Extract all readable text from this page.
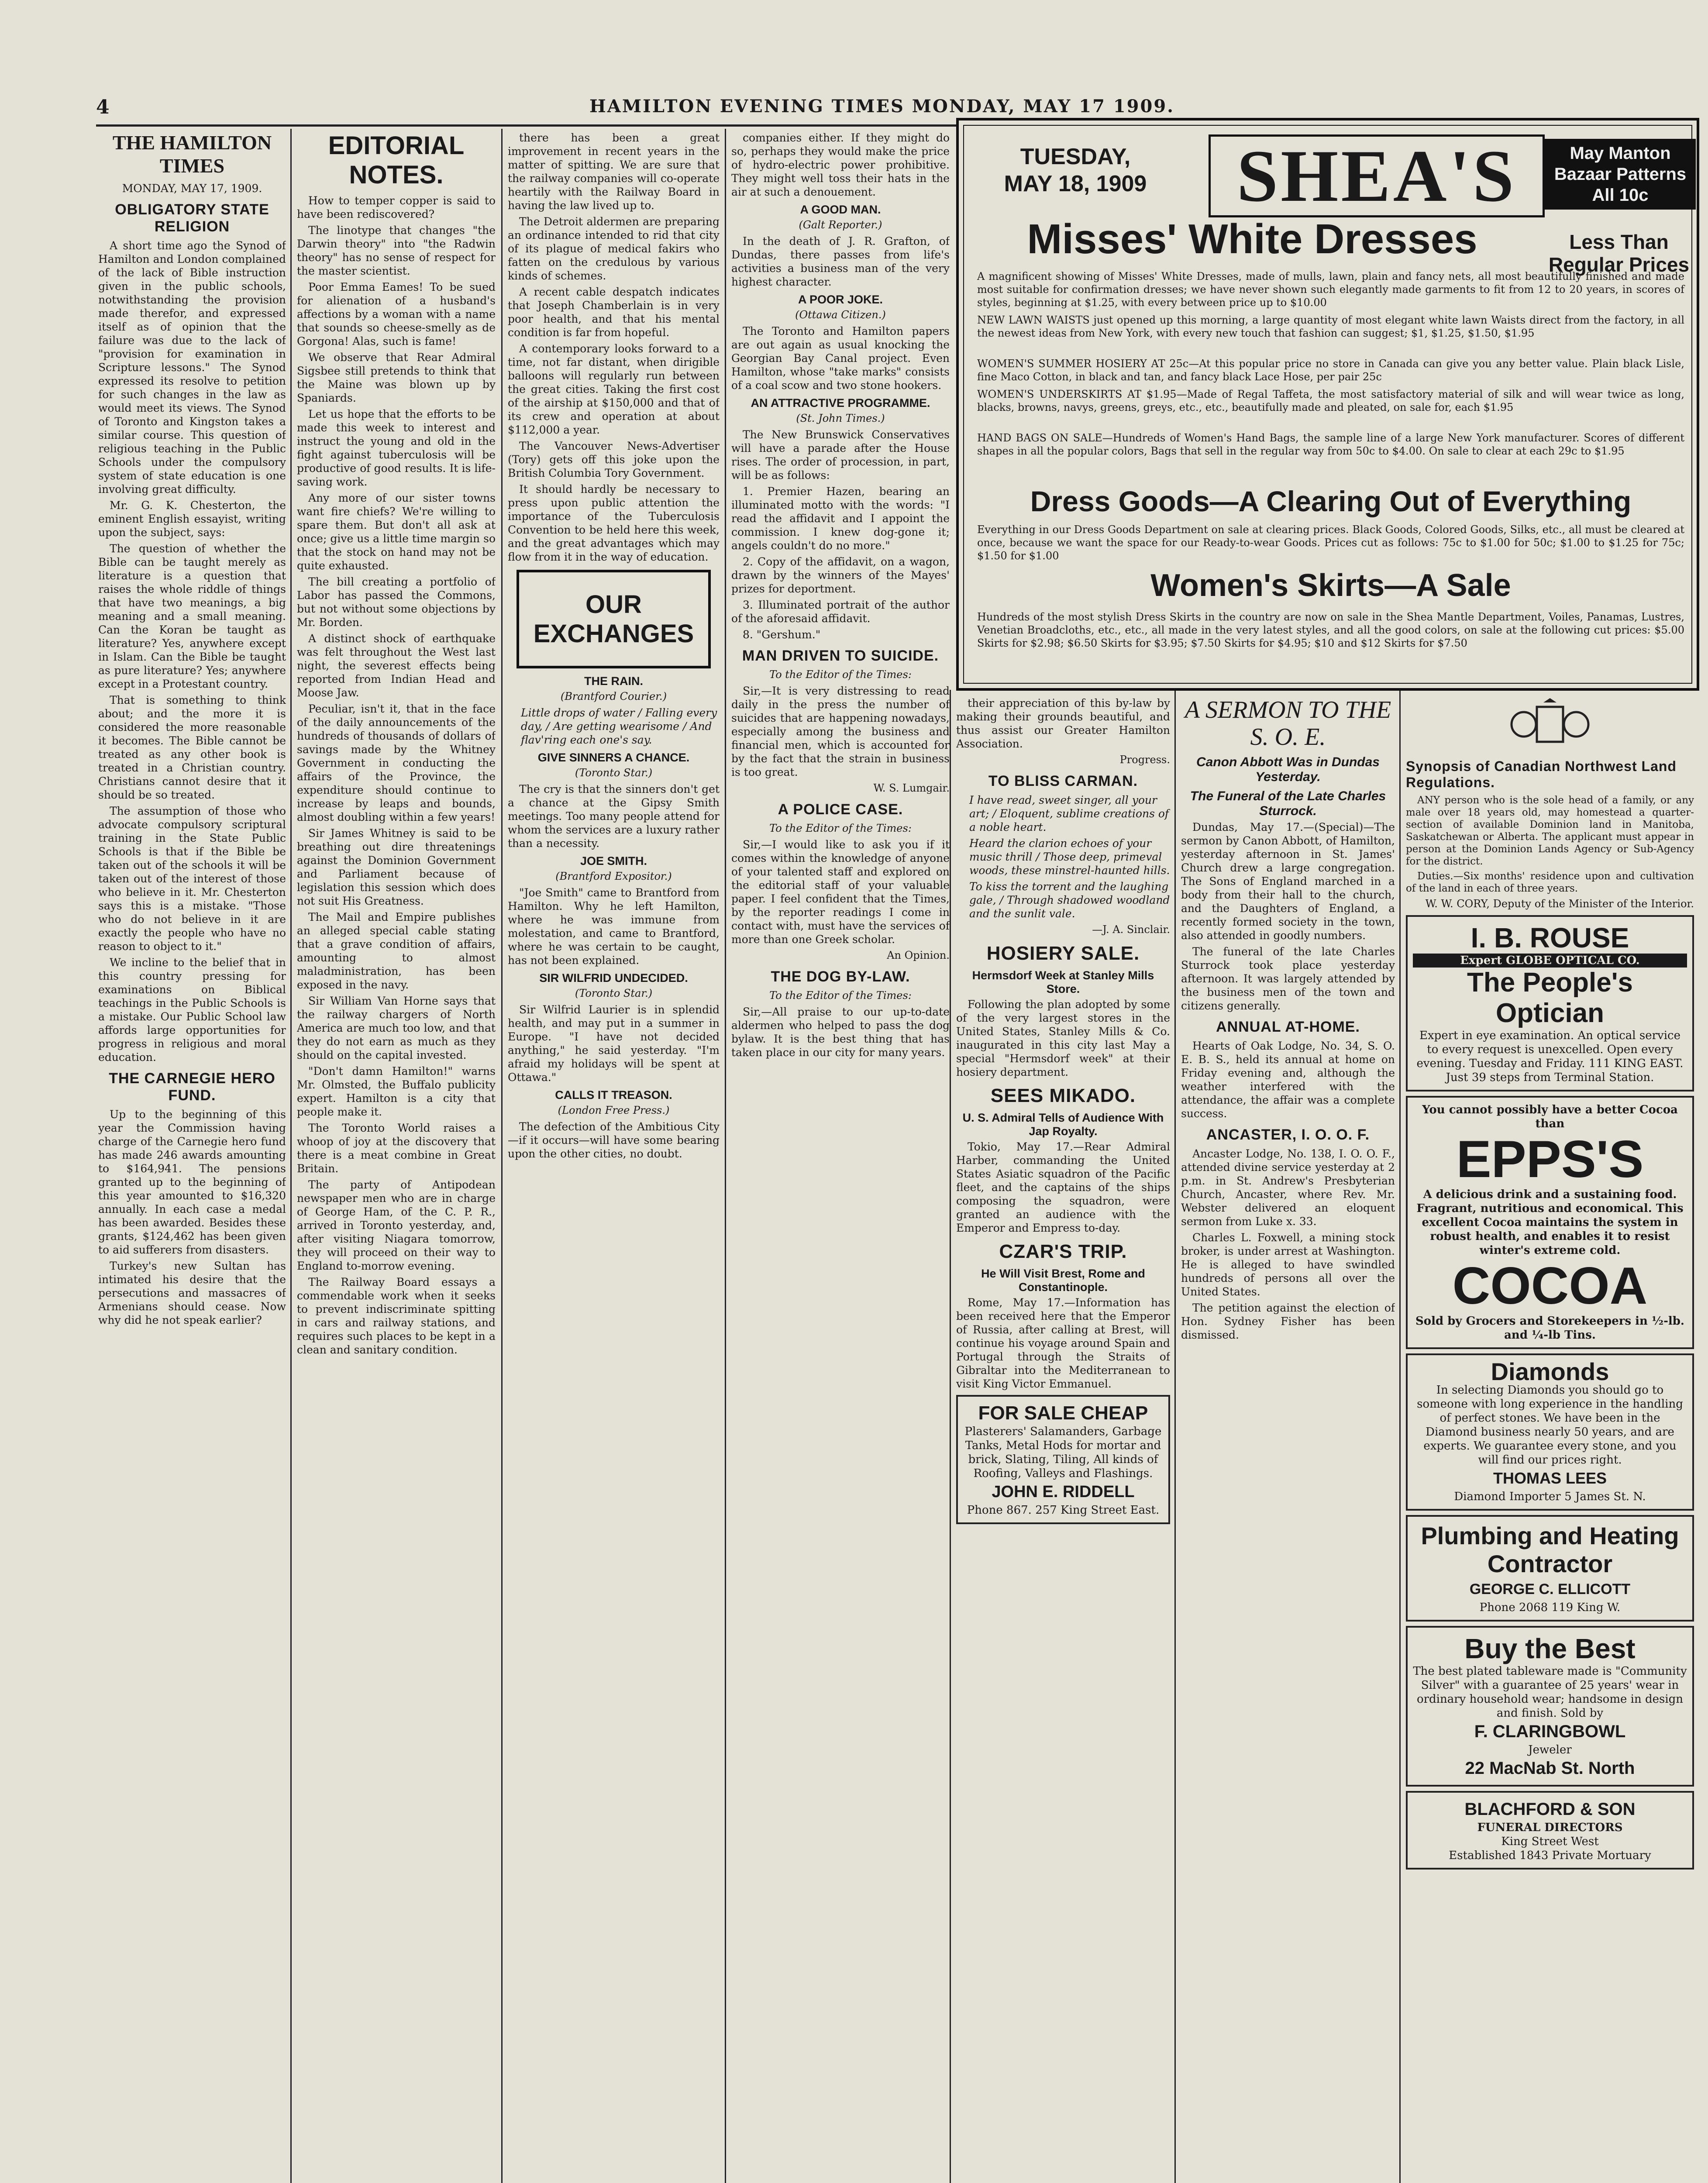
4	HAMILTON EVENING TIMES MONDAY, MAY 17 1909.
THE HAMILTON TIMES

MONDAY, MAY 17, 1909.

OBLIGATORY STATE RELIGION

A short time ago the Synod of Hamilton and London complained of the lack of Bible instruction given in the public schools, notwithstanding the provision made therefor, and expressed itself as of opinion that the failure was due to the lack of "provision for examination in Scripture lessons." The Synod expressed its resolve to petition for such changes in the law as would meet its views. The Synod of Toronto and Kingston takes a similar course. This question of religious teaching in the Public Schools under the compulsory system of state education is one involving great difficulty.

Mr. G. K. Chesterton, the eminent English essayist, writing upon the subject, says:

The question of whether the Bible can be taught merely as literature is a question that raises the whole riddle of things that have two meanings, a big meaning and a small meaning. Can the Koran be taught as literature? Yes, anywhere except in Islam. Can the Bible be taught as pure literature? Yes; anywhere except in a Protestant country.

That is something to think about; and the more it is considered the more reasonable it becomes. The Bible cannot be treated as any other book is treated in a Christian country. Christians cannot desire that it should be so treated.

The assumption of those who advocate compulsory scriptural training in the State Public Schools is that if the Bible be taken out of the schools it will be taken out of the interest of those who believe in it. Mr. Chesterton says this is a mistake. "Those who do not believe in it are exactly the people who have no reason to object to it."

We incline to the belief that in this country pressing for examinations on Biblical teachings in the Public Schools is a mistake. Our Public School law affords large opportunities for progress in religious and moral education.

THE CARNEGIE HERO FUND.

Up to the beginning of this year the Commission having charge of the Carnegie hero fund has made 246 awards amounting to $164,941. The pensions granted up to the beginning of this year amounted to $16,320 annually. In each case a medal has been awarded. Besides these grants, $124,462 has been given to aid sufferers from disasters.

Turkey's new Sultan has intimated his desire that the persecutions and massacres of Armenians should cease. Now why did he not speak earlier?

EDITORIAL NOTES.

How to temper copper is said to have been rediscovered?

The linotype that changes "the Darwin theory" into "the Radwin theory" has no sense of respect for the master scientist.

Poor Emma Eames! To be sued for alienation of a husband's affections by a woman with a name that sounds so cheese-smelly as de Gorgona! Alas, such is fame!

We observe that Rear Admiral Sigsbee still pretends to think that the Maine was blown up by Spaniards.

Let us hope that the efforts to be made this week to interest and instruct the young and old in the fight against tuberculosis will be productive of good results. It is life-saving work.

Any more of our sister towns want fire chiefs? We're willing to spare them. But don't all ask at once; give us a little time margin so that the stock on hand may not be quite exhausted.

The bill creating a portfolio of Labor has passed the Commons, but not without some objections by Mr. Borden.

A distinct shock of earthquake was felt throughout the West last night, the severest effects being reported from Indian Head and Moose Jaw.

Peculiar, isn't it, that in the face of the daily announcements of the hundreds of thousands of dollars of savings made by the Whitney Government in conducting the affairs of the Province, the expenditure should continue to increase by leaps and bounds, almost doubling within a few years!

Sir James Whitney is said to be breathing out dire threatenings against the Dominion Government and Parliament because of legislation this session which does not suit His Greatness.

The Mail and Empire publishes an alleged special cable stating that a grave condition of affairs, amounting to almost maladministration, has been exposed in the navy.

Sir William Van Horne says that the railway chargers of North America are much too low, and that they do not earn as much as they should on the capital invested.

"Don't damn Hamilton!" warns Mr. Olmsted, the Buffalo publicity expert. Hamilton is a city that people make it.

The Toronto World raises a whoop of joy at the discovery that there is a meat combine in Great Britain.

The party of Antipodean newspaper men who are in charge of George Ham, of the C. P. R., arrived in Toronto yesterday, and, after visiting Niagara tomorrow, they will proceed on their way to England to-morrow evening.

The Railway Board essays a commendable work when it seeks to prevent indiscriminate spitting in cars and railway stations, and requires such places to be kept in a clean and sanitary condition.

there has been a great improvement in recent years in the matter of spitting. We are sure that the railway companies will co-operate heartily with the Railway Board in having the law lived up to.

The Detroit aldermen are preparing an ordinance intended to rid that city of its plague of medical fakirs who fatten on the credulous by various kinds of schemes.

A recent cable despatch indicates that Joseph Chamberlain is in very poor health, and that his mental condition is far from hopeful.

A contemporary looks forward to a time, not far distant, when dirigible balloons will regularly run between the great cities. Taking the first cost of the airship at $150,000 and that of its crew and operation at about $112,000 a year.

The Vancouver News-Advertiser (Tory) gets off this joke upon the British Columbia Tory Government.

It should hardly be necessary to press upon public attention the importance of the Tuberculosis Convention to be held here this week, and the great advantages which may flow from it in the way of education.

OUR EXCHANGES
THE RAIN.

(Brantford Courier.)

Little drops of water / Falling every day, / Are getting wearisome / And flav'ring each one's say.

GIVE SINNERS A CHANCE.

(Toronto Star.)

The cry is that the sinners don't get a chance at the Gipsy Smith meetings. Too many people attend for whom the services are a luxury rather than a necessity.

JOE SMITH.

(Brantford Expositor.)

"Joe Smith" came to Brantford from Hamilton. Why he left Hamilton, where he was immune from molestation, and came to Brantford, where he was certain to be caught, has not been explained.

SIR WILFRID UNDECIDED.

(Toronto Star.)

Sir Wilfrid Laurier is in splendid health, and may put in a summer in Europe. "I have not decided anything," he said yesterday. "I'm afraid my holidays will be spent at Ottawa."

CALLS IT TREASON.

(London Free Press.)

The defection of the Ambitious City—if it occurs—will have some bearing upon the other cities, no doubt.

companies either. If they might do so, perhaps they would make the price of hydro-electric power prohibitive. They might well toss their hats in the air at such a denouement.

A GOOD MAN.

(Galt Reporter.)

In the death of J. R. Grafton, of Dundas, there passes from life's activities a business man of the very highest character.

A POOR JOKE.

(Ottawa Citizen.)

The Toronto and Hamilton papers are out again as usual knocking the Georgian Bay Canal project. Even Hamilton, whose "take marks" consists of a coal scow and two stone hookers.

AN ATTRACTIVE PROGRAMME.

(St. John Times.)

The New Brunswick Conservatives will have a parade after the House rises. The order of procession, in part, will be as follows:

1. Premier Hazen, bearing an illuminated motto with the words: "I read the affidavit and I appoint the commission. I knew dog-gone it; angels couldn't do no more."

2. Copy of the affidavit, on a wagon, drawn by the winners of the Mayes' prizes for deportment.

3. Illuminated portrait of the author of the aforesaid affidavit.

8. "Gershum."

MAN DRIVEN TO SUICIDE.

To the Editor of the Times:

Sir,—It is very distressing to read daily in the press the number of suicides that are happening nowadays, especially among the business and financial men, which is accounted for by the fact that the strain in business is too great.

W. S. Lumgair.

A POLICE CASE.

To the Editor of the Times:

Sir,—I would like to ask you if it comes within the knowledge of anyone of your talented staff and explored on the editorial staff of your valuable paper. I feel confident that the Times, by the reporter readings I come in contact with, must have the services of more than one Greek scholar.

An Opinion.

THE DOG BY-LAW.

To the Editor of the Times:

Sir,—All praise to our up-to-date aldermen who helped to pass the dog bylaw. It is the best thing that has taken place in our city for many years.

TUESDAY, MAY 18, 1909	SHEA'S	May Manton Bazaar Patterns All 10c
Less Than Regular Prices
Misses' White Dresses
A magnificent showing of Misses' White Dresses, made of mulls, lawn, plain and fancy nets, all most beautifully finished and made most suitable for confirmation dresses; we have never shown such elegantly made garments to fit from 12 to 20 years, in scores of styles, beginning at $1.25, with every between price up to $10.00
NEW LAWN WAISTS just opened up this morning, a large quantity of most elegant white lawn Waists direct from the factory, in all the newest ideas from New York, with every new touch that fashion can suggest; $1, $1.25, $1.50, $1.95
WOMEN'S SUMMER HOSIERY AT 25c—At this popular price no store in Canada can give you any better value. Plain black Lisle, fine Maco Cotton, in black and tan, and fancy black Lace Hose, per pair 25c
WOMEN'S UNDERSKIRTS AT $1.95—Made of Regal Taffeta, the most satisfactory material of silk and will wear twice as long, blacks, browns, navys, greens, greys, etc., etc., beautifully made and pleated, on sale for, each $1.95
HAND BAGS ON SALE—Hundreds of Women's Hand Bags, the sample line of a large New York manufacturer. Scores of different shapes in all the popular colors, Bags that sell in the regular way from 50c to $4.00. On sale to clear at each 29c to $1.95
Dress Goods—A Clearing Out of Everything
Everything in our Dress Goods Department on sale at clearing prices. Black Goods, Colored Goods, Silks, etc., all must be cleared at once, because we want the space for our Ready-to-wear Goods. Prices cut as follows: 75c to $1.00 for 50c; $1.00 to $1.25 for 75c; $1.50 for $1.00
Women's Skirts—A Sale
Hundreds of the most stylish Dress Skirts in the country are now on sale in the Shea Mantle Department, Voiles, Panamas, Lustres, Venetian Broadcloths, etc., etc., all made in the very latest styles, and all the good colors, on sale at the following cut prices: $5.00 Skirts for $2.98; $6.50 Skirts for $3.95; $7.50 Skirts for $4.95; $10 and $12 Skirts for $7.50

their appreciation of this by-law by making their grounds beautiful, and thus assist our Greater Hamilton Association.

Progress.

TO BLISS CARMAN.

I have read, sweet singer, all your art; / Eloquent, sublime creations of a noble heart.

Heard the clarion echoes of your music thrill / Those deep, primeval woods, these minstrel-haunted hills.

To kiss the torrent and the laughing gale, / Through shadowed woodland and the sunlit vale.

—J. A. Sinclair.

HOSIERY SALE.
Hermsdorf Week at Stanley Mills Store.

Following the plan adopted by some of the very largest stores in the United States, Stanley Mills & Co. inaugurated in this city last May a special "Hermsdorf week" at their hosiery department.

SEES MIKADO.
U. S. Admiral Tells of Audience With Jap Royalty.

Tokio, May 17.—Rear Admiral Harber, commanding the United States Asiatic squadron of the Pacific fleet, and the captains of the ships composing the squadron, were granted an audience with the Emperor and Empress to-day.

CZAR'S TRIP.
He Will Visit Brest, Rome and Constantinople.

Rome, May 17.—Information has been received here that the Emperor of Russia, after calling at Brest, will continue his voyage around Spain and Portugal through the Straits of Gibraltar into the Mediterranean to visit King Victor Emmanuel.

FOR SALE CHEAP
Plasterers' Salamanders, Garbage Tanks, Metal Hods for mortar and brick, Slating, Tiling, All kinds of Roofing, Valleys and Flashings.
JOHN E. RIDDELL
Phone 867. 257 King Street East.
A SERMON TO THE S. O. E.
Canon Abbott Was in Dundas Yesterday.
The Funeral of the Late Charles Sturrock.

Dundas, May 17.—(Special)—The sermon by Canon Abbott, of Hamilton, yesterday afternoon in St. James' Church drew a large congregation. The Sons of England marched in a body from their hall to the church, and the Daughters of England, a recently formed society in the town, also attended in goodly numbers.

The funeral of the late Charles Sturrock took place yesterday afternoon. It was largely attended by the business men of the town and citizens generally.

ANNUAL AT-HOME.

Hearts of Oak Lodge, No. 34, S. O. E. B. S., held its annual at home on Friday evening and, although the weather interfered with the attendance, the affair was a complete success.

ANCASTER, I. O. O. F.

Ancaster Lodge, No. 138, I. O. O. F., attended divine service yesterday at 2 p.m. in St. Andrew's Presbyterian Church, Ancaster, where Rev. Mr. Webster delivered an eloquent sermon from Luke x. 33.

Charles L. Foxwell, a mining stock broker, is under arrest at Washington. He is alleged to have swindled hundreds of persons all over the United States.

The petition against the election of Hon. Sydney Fisher has been dismissed.

Synopsis of Canadian Northwest Land Regulations.

ANY person who is the sole head of a family, or any male over 18 years old, may homestead a quarter-section of available Dominion land in Manitoba, Saskatchewan or Alberta. The applicant must appear in person at the Dominion Lands Agency or Sub-Agency for the district.

Duties.—Six months' residence upon and cultivation of the land in each of three years.

W. W. CORY, Deputy of the Minister of the Interior.

I. B. ROUSE
Expert GLOBE OPTICAL CO.
The People's Optician
Expert in eye examination. An optical service to every request is unexcelled. Open every evening. Tuesday and Friday. 111 KING EAST. Just 39 steps from Terminal Station.
You cannot possibly have a better Cocoa than
EPPS'S
A delicious drink and a sustaining food. Fragrant, nutritious and economical. This excellent Cocoa maintains the system in robust health, and enables it to resist winter's extreme cold.
COCOA
Sold by Grocers and Storekeepers in ½-lb. and ¼-lb Tins.
Diamonds
In selecting Diamonds you should go to someone with long experience in the handling of perfect stones. We have been in the Diamond business nearly 50 years, and are experts. We guarantee every stone, and you will find our prices right.
THOMAS LEES
Diamond Importer 5 James St. N.
Plumbing and Heating Contractor
GEORGE C. ELLICOTT
Phone 2068 119 King W.
Buy the Best
The best plated tableware made is "Community Silver" with a guarantee of 25 years' wear in ordinary household wear; handsome in design and finish. Sold by
F. CLARINGBOWL
Jeweler
22 MacNab St. North
BLACHFORD & SON
FUNERAL DIRECTORS
King Street West
Established 1843 Private Mortuary
